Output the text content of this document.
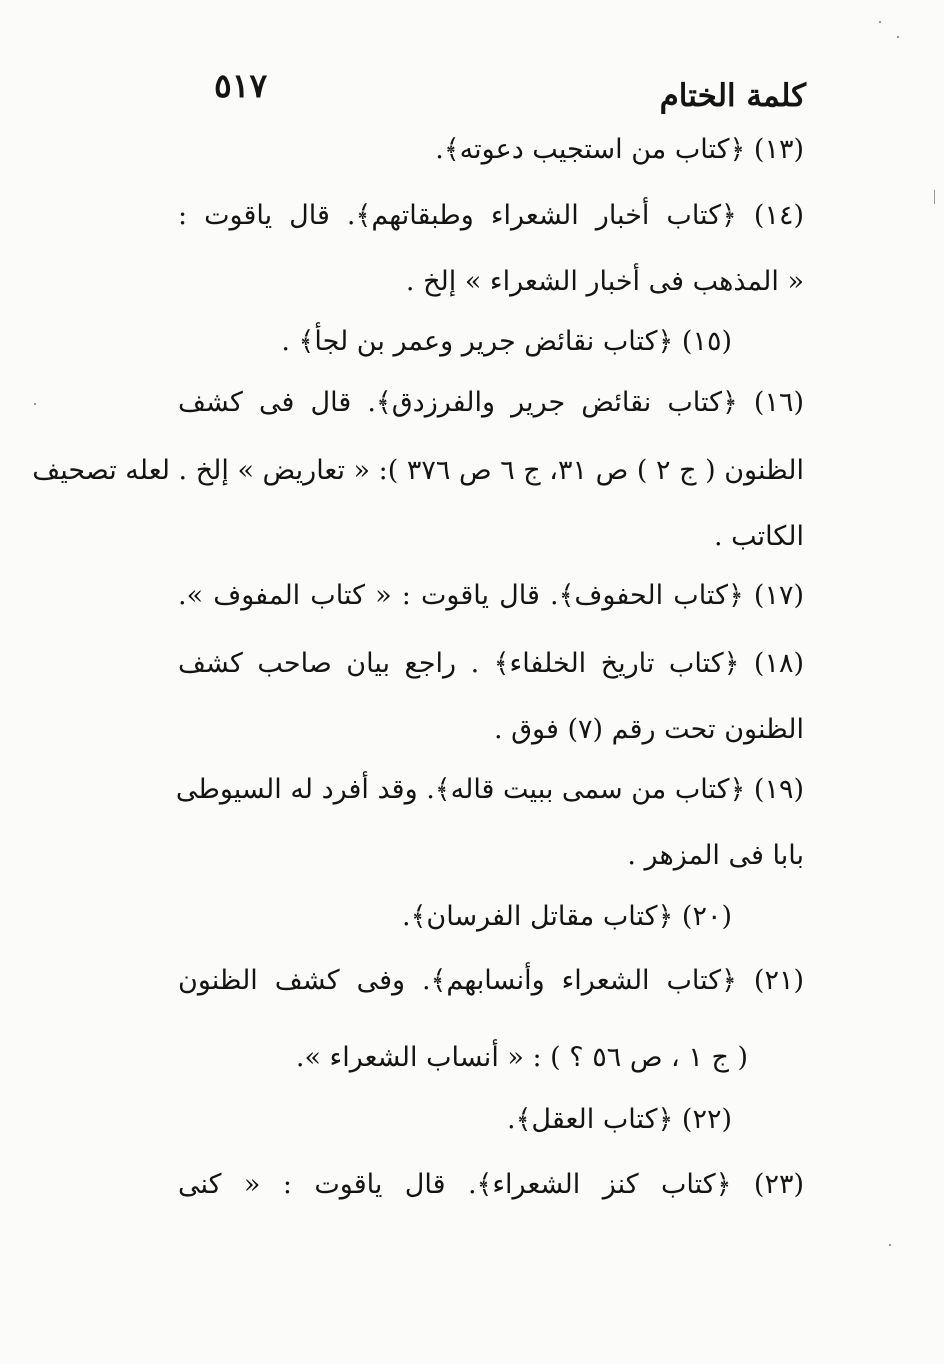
كلمة الختام
٥١٧
(١٣) ﴿كتاب من استجيب دعوته﴾.
(١٤) ﴿كتاب أخبار الشعراء وطبقاتهم﴾. قال ياقوت :
« المذهب فى أخبار الشعراء » إلخ .
(١٥) ﴿كتاب نقائض جرير وعمر بن لجأ﴾ .
(١٦) ﴿كتاب نقائض جرير والفرزدق﴾. قال فى كشف
الظنون ( ج ٢ ) ص ٣١، ج ٦ ص ٣٧٦ ): « تعاريض » إلخ . لعله تصحيف
الكاتب .
(١٧) ﴿كتاب الحفوف﴾. قال ياقوت : « كتاب المفوف ».
(١٨) ﴿كتاب تاريخ الخلفاء﴾ . راجع بيان صاحب كشف
الظنون تحت رقم (٧) فوق .
(١٩) ﴿كتاب من سمى ببيت قاله﴾. وقد أفرد له السيوطى
بابا فى المزهر .
(٢٠) ﴿كتاب مقاتل الفرسان﴾.
(٢١) ﴿كتاب الشعراء وأنسابهم﴾. وفى كشف الظنون
( ج ١ ، ص ٥٦ ؟ ) : « أنساب الشعراء ».
(٢٢) ﴿كتاب العقل﴾.
(٢٣) ﴿كتاب كنز الشعراء﴾. قال ياقوت : « كنى
